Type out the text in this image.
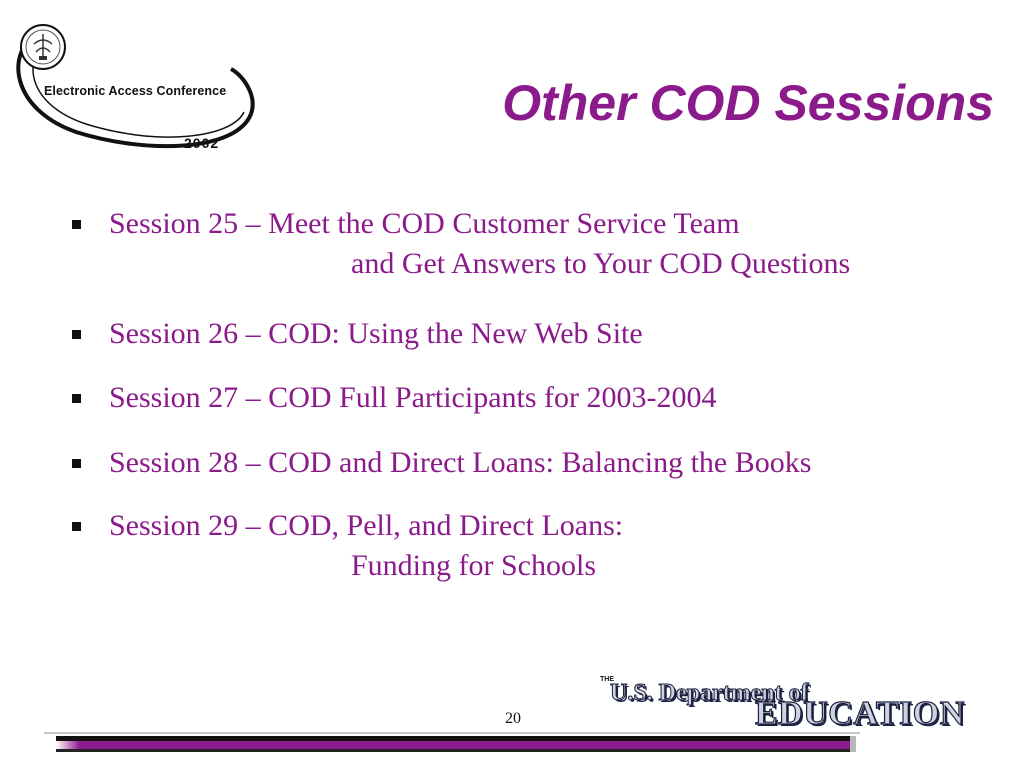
Electronic Access Conference
2002
Other COD Sessions
Session 25 – Meet the COD Customer Service Team
and Get Answers to Your COD Questions
Session 26 – COD: Using the New Web Site
Session 27 – COD Full Participants for 2003-2004
Session 28 – COD and Direct Loans: Balancing the Books
Session 29 – COD, Pell, and Direct Loans:
Funding for Schools
20
THE
U.S. Department of
EDUCATION
